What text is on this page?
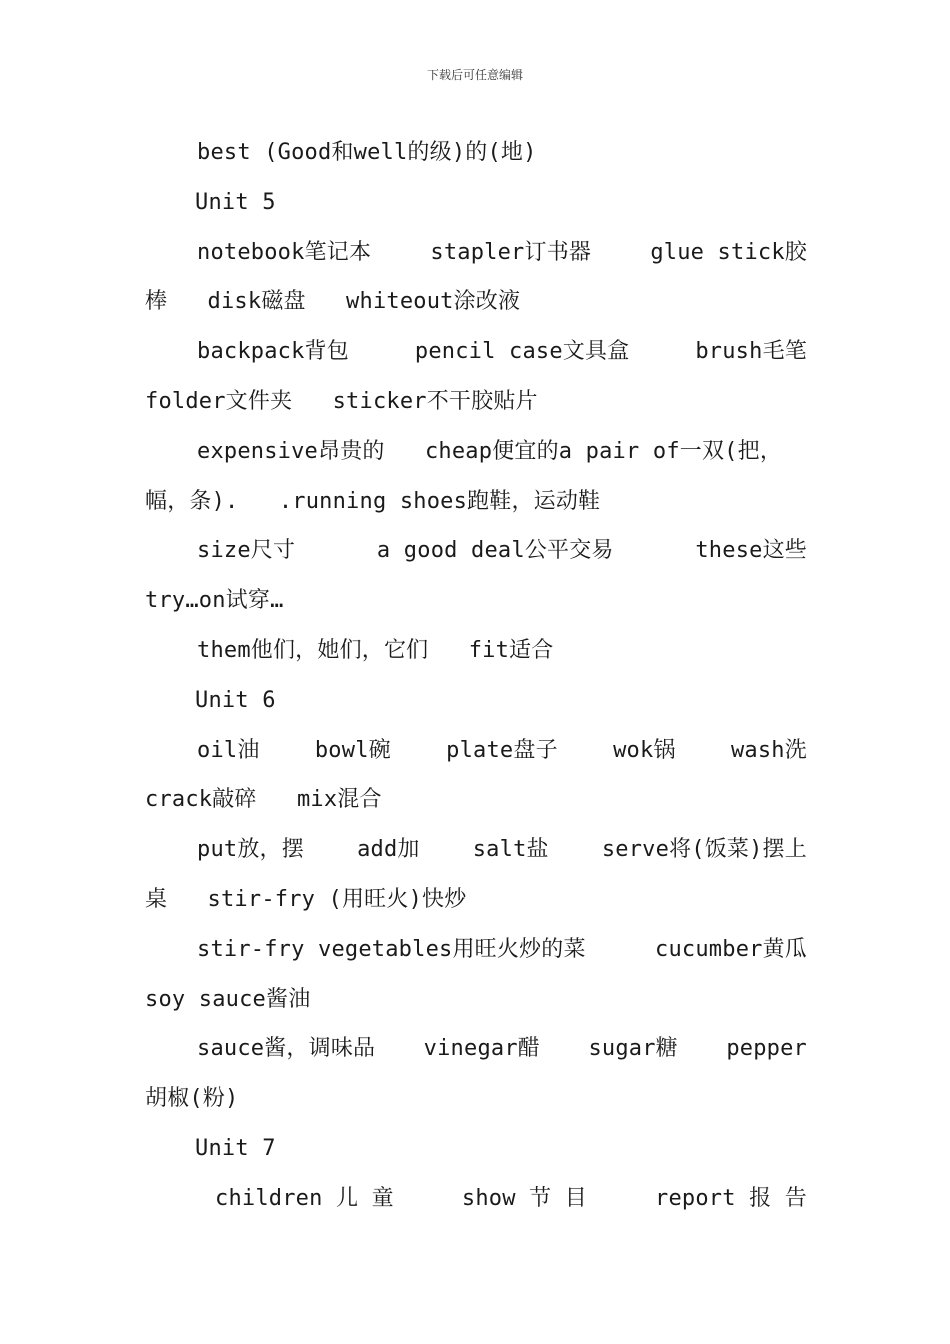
下载后可任意编辑
best (Good和well的级)的(地)
Unit 5
notebook笔记本	stapler订书器	glue stick胶
棒   disk磁盘   whiteout涂改液
backpack背包	pencil case文具盒	brush毛笔
folder文件夹   sticker不干胶贴片
expensive昂贵的   cheap便宜的a pair of一双(把，
幅，条).   .running shoes跑鞋，运动鞋
size尺寸	a good deal公平交易	these这些
try…on试穿…
them他们，她们，它们   fit适合
Unit 6
oil油	bowl碗	plate盘子	wok锅	wash洗
crack敲碎   mix混合
put放，摆 add加 salt盐 serve将(饭菜)摆上
桌   stir-fry (用旺火)快炒
stir-fry vegetables用旺火炒的菜	cucumber黄瓜
soy sauce酱油
sauce酱，调味品 vinegar醋 sugar糖 pepper
胡椒(粉)
Unit 7
children 儿 童	show 节 目	report 报 告
